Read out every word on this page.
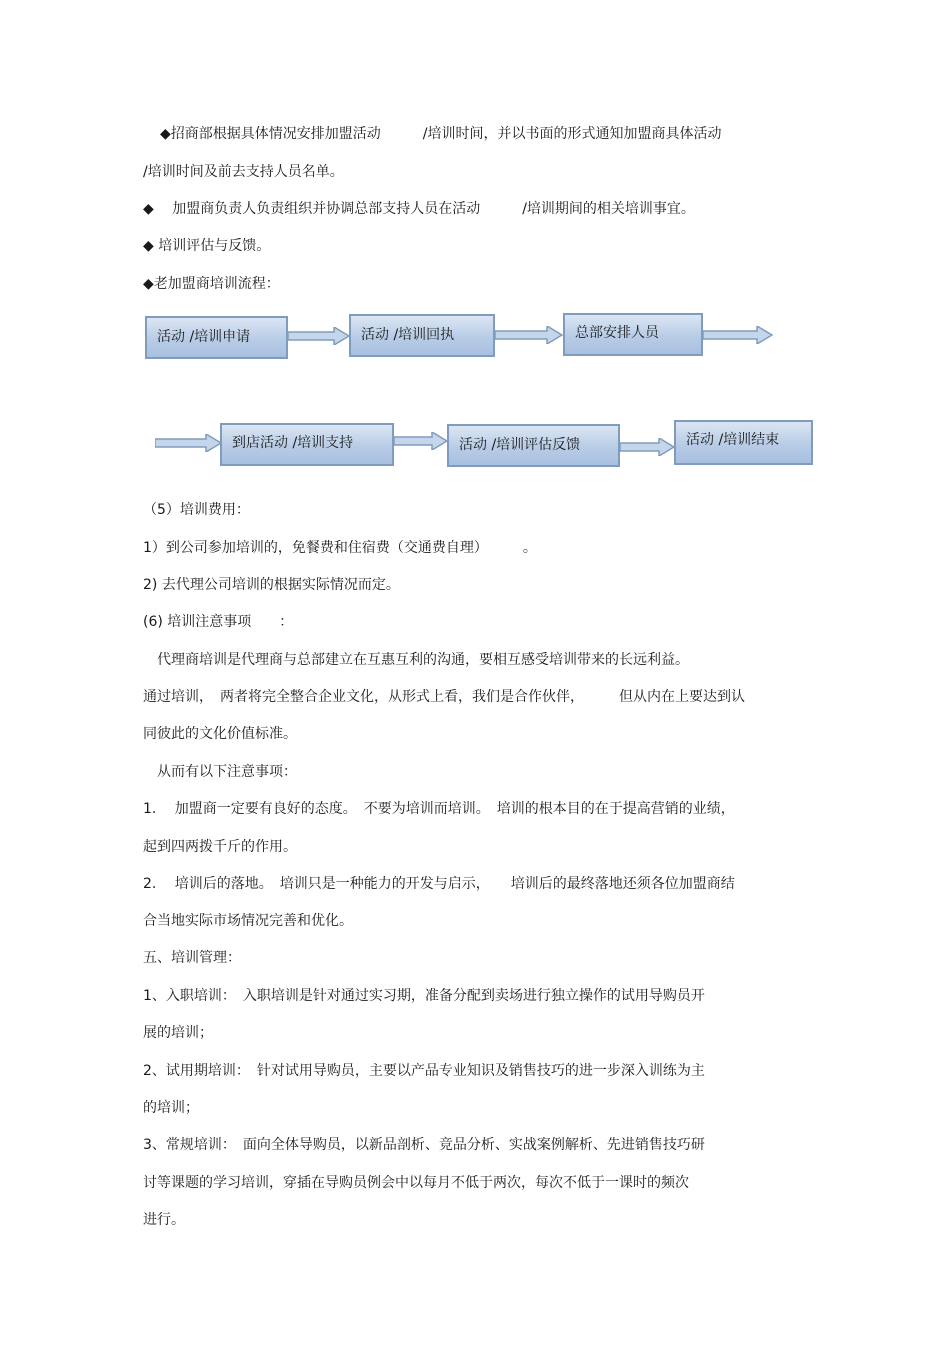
◆招商部根据具体情况安排加盟活动　　　/培训时间，并以书面的形式通知加盟商具体活动
/培训时间及前去支持人员名单。
◆　 加盟商负责人负责组织并协调总部支持人员在活动　　　/培训期间的相关培训事宜。
◆ 培训评估与反馈。
◆老加盟商培训流程：
活动 /培训申请	活动 /培训回执	总部安排人员
到店活动 /培训支持	活动 /培训评估反馈	活动 /培训结束
（5）培训费用：
1）到公司参加培训的，免餐费和住宿费（交通费自理）　　　。
2) 去代理公司培训的根据实际情况而定。
(6) 培训注意事项　　：
　代理商培训是代理商与总部建立在互惠互利的沟通，要相互感受培训带来的长远利益。
通过培训，　两者将完全整合企业文化，从形式上看，我们是合作伙伴，　　　但从内在上要达到认
同彼此的文化价值标准。
　从而有以下注意事项：
1.　 加盟商一定要有良好的态度。　不要为培训而培训。　培训的根本目的在于提高营销的业绩，
起到四两拨千斤的作用。
2.　 培训后的落地。　培训只是一种能力的开发与启示，　　培训后的最终落地还须各位加盟商结
合当地实际市场情况完善和优化。
五、培训管理：
1、入职培训：　入职培训是针对通过实习期，准备分配到卖场进行独立操作的试用导购员开
展的培训；
2、试用期培训：　针对试用导购员，主要以产品专业知识及销售技巧的进一步深入训练为主
的培训；
3、常规培训：　面向全体导购员，以新品剖析、竞品分析、实战案例解析、先进销售技巧研
讨等课题的学习培训，穿插在导购员例会中以每月不低于两次，每次不低于一课时的频次
进行。
